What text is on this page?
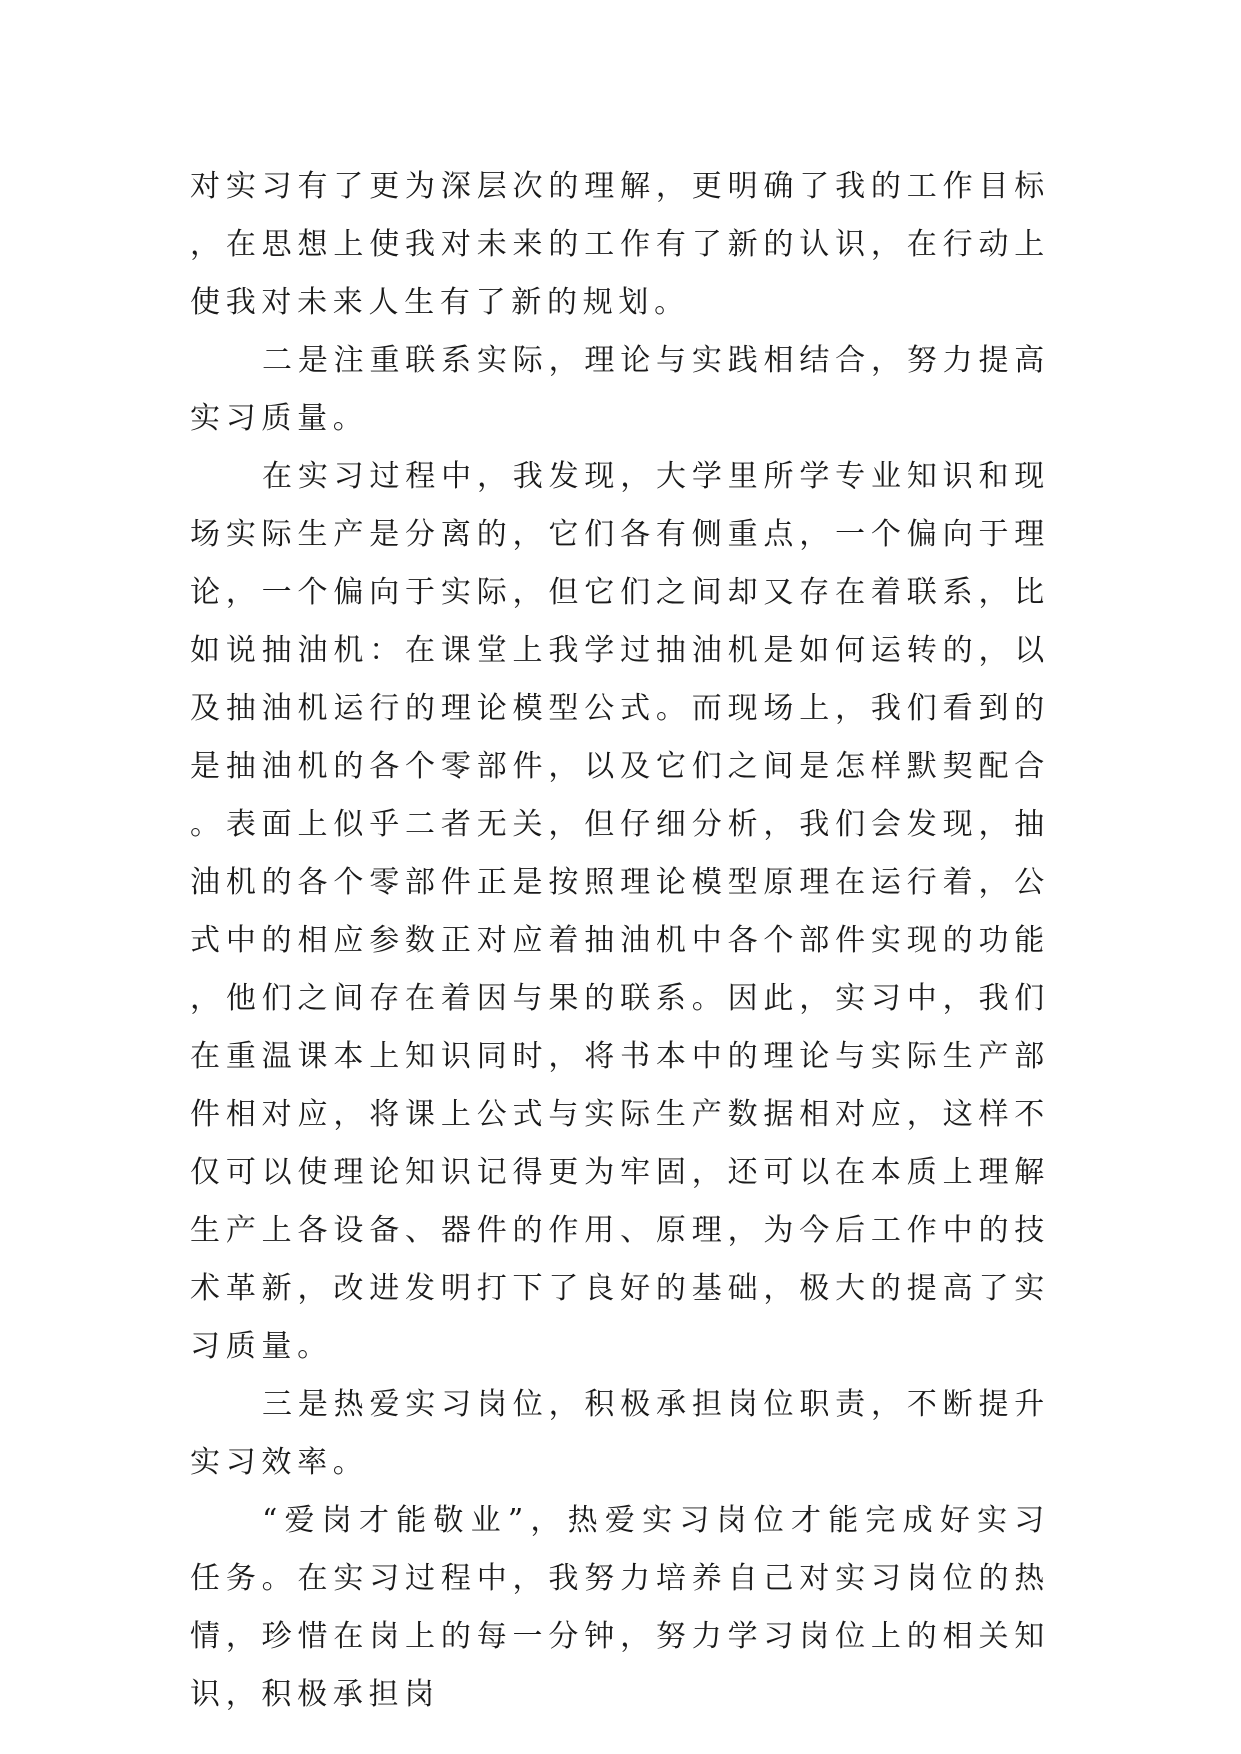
对实习有了更为深层次的理解，更明确了我的工作目标，在思想上使我对未来的工作有了新的认识，在行动上使我对未来人生有了新的规划。

二是注重联系实际，理论与实践相结合，努力提高实习质量。

在实习过程中，我发现，大学里所学专业知识和现场实际生产是分离的，它们各有侧重点，一个偏向于理论，一个偏向于实际，但它们之间却又存在着联系，比如说抽油机：在课堂上我学过抽油机是如何运转的，以及抽油机运行的理论模型公式。而现场上，我们看到的是抽油机的各个零部件，以及它们之间是怎样默契配合。表面上似乎二者无关，但仔细分析，我们会发现，抽油机的各个零部件正是按照理论模型原理在运行着，公式中的相应参数正对应着抽油机中各个部件实现的功能，他们之间存在着因与果的联系。因此，实习中，我们在重温课本上知识同时，将书本中的理论与实际生产部件相对应，将课上公式与实际生产数据相对应，这样不仅可以使理论知识记得更为牢固，还可以在本质上理解生产上各设备、器件的作用、原理，为今后工作中的技术革新，改进发明打下了良好的基础，极大的提高了实习质量。

三是热爱实习岗位，积极承担岗位职责，不断提升实习效率。

“爱岗才能敬业”，热爱实习岗位才能完成好实习任务。在实习过程中，我努力培养自己对实习岗位的热情，珍惜在岗上的每一分钟，努力学习岗位上的相关知识，积极承担岗
